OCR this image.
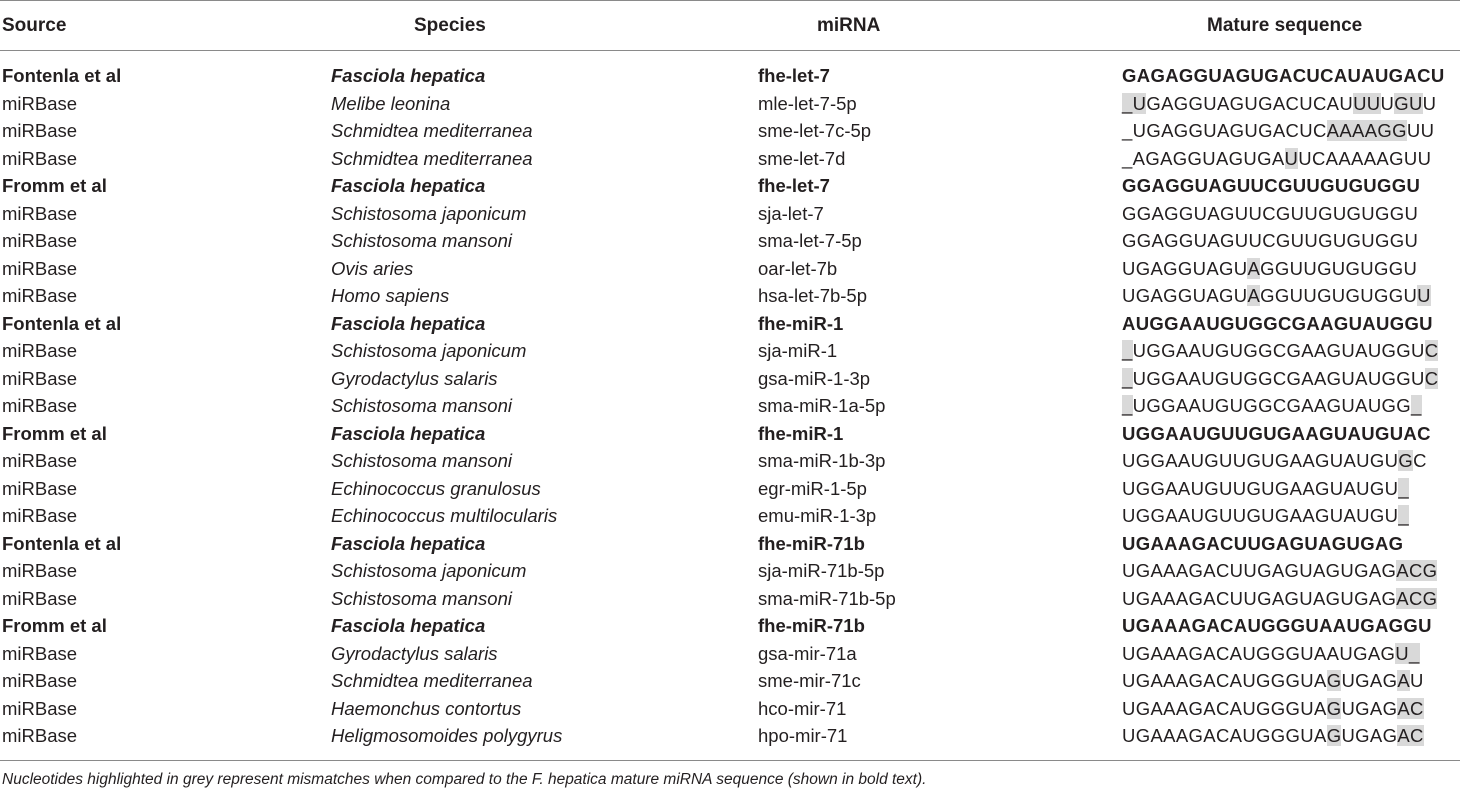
Source	Species	miRNA	Mature sequence
Fontenla et al	Fasciola hepatica	fhe-let-7	GAGAGGUAGUGACUCAUAUGACU
miRBase	Melibe leonina	mle-let-7-5p	_UGAGGUAGUGACUCAUUUUGUU
miRBase	Schmidtea mediterranea	sme-let-7c-5p	_UGAGGUAGUGACUCAAAAGGUU
miRBase	Schmidtea mediterranea	sme-let-7d	_AGAGGUAGUGAUUCAAAAAGUU
Fromm et al	Fasciola hepatica	fhe-let-7	GGAGGUAGUUCGUUGUGUGGU
miRBase	Schistosoma japonicum	sja-let-7	GGAGGUAGUUCGUUGUGUGGU
miRBase	Schistosoma mansoni	sma-let-7-5p	GGAGGUAGUUCGUUGUGUGGU
miRBase	Ovis aries	oar-let-7b	UGAGGUAGUAGGUUGUGUGGU
miRBase	Homo sapiens	hsa-let-7b-5p	UGAGGUAGUAGGUUGUGUGGUU
Fontenla et al	Fasciola hepatica	fhe-miR-1	AUGGAAUGUGGCGAAGUAUGGU
miRBase	Schistosoma japonicum	sja-miR-1	_UGGAAUGUGGCGAAGUAUGGUC
miRBase	Gyrodactylus salaris	gsa-miR-1-3p	_UGGAAUGUGGCGAAGUAUGGUC
miRBase	Schistosoma mansoni	sma-miR-1a-5p	_UGGAAUGUGGCGAAGUAUGG_
Fromm et al	Fasciola hepatica	fhe-miR-1	UGGAAUGUUGUGAAGUAUGUAC
miRBase	Schistosoma mansoni	sma-miR-1b-3p	UGGAAUGUUGUGAAGUAUGUGC
miRBase	Echinococcus granulosus	egr-miR-1-5p	UGGAAUGUUGUGAAGUAUGU_
miRBase	Echinococcus multilocularis	emu-miR-1-3p	UGGAAUGUUGUGAAGUAUGU_
Fontenla et al	Fasciola hepatica	fhe-miR-71b	UGAAAGACUUGAGUAGUGAG
miRBase	Schistosoma japonicum	sja-miR-71b-5p	UGAAAGACUUGAGUAGUGAGACG
miRBase	Schistosoma mansoni	sma-miR-71b-5p	UGAAAGACUUGAGUAGUGAGACG
Fromm et al	Fasciola hepatica	fhe-miR-71b	UGAAAGACAUGGGUAAUGAGGU
miRBase	Gyrodactylus salaris	gsa-mir-71a	UGAAAGACAUGGGUAAUGAGU_
miRBase	Schmidtea mediterranea	sme-mir-71c	UGAAAGACAUGGGUAGUGAGAU
miRBase	Haemonchus contortus	hco-mir-71	UGAAAGACAUGGGUAGUGAGAC
miRBase	Heligmosomoides polygyrus	hpo-mir-71	UGAAAGACAUGGGUAGUGAGAC
Nucleotides highlighted in grey represent mismatches when compared to the F. hepatica mature miRNA sequence (shown in bold text).
